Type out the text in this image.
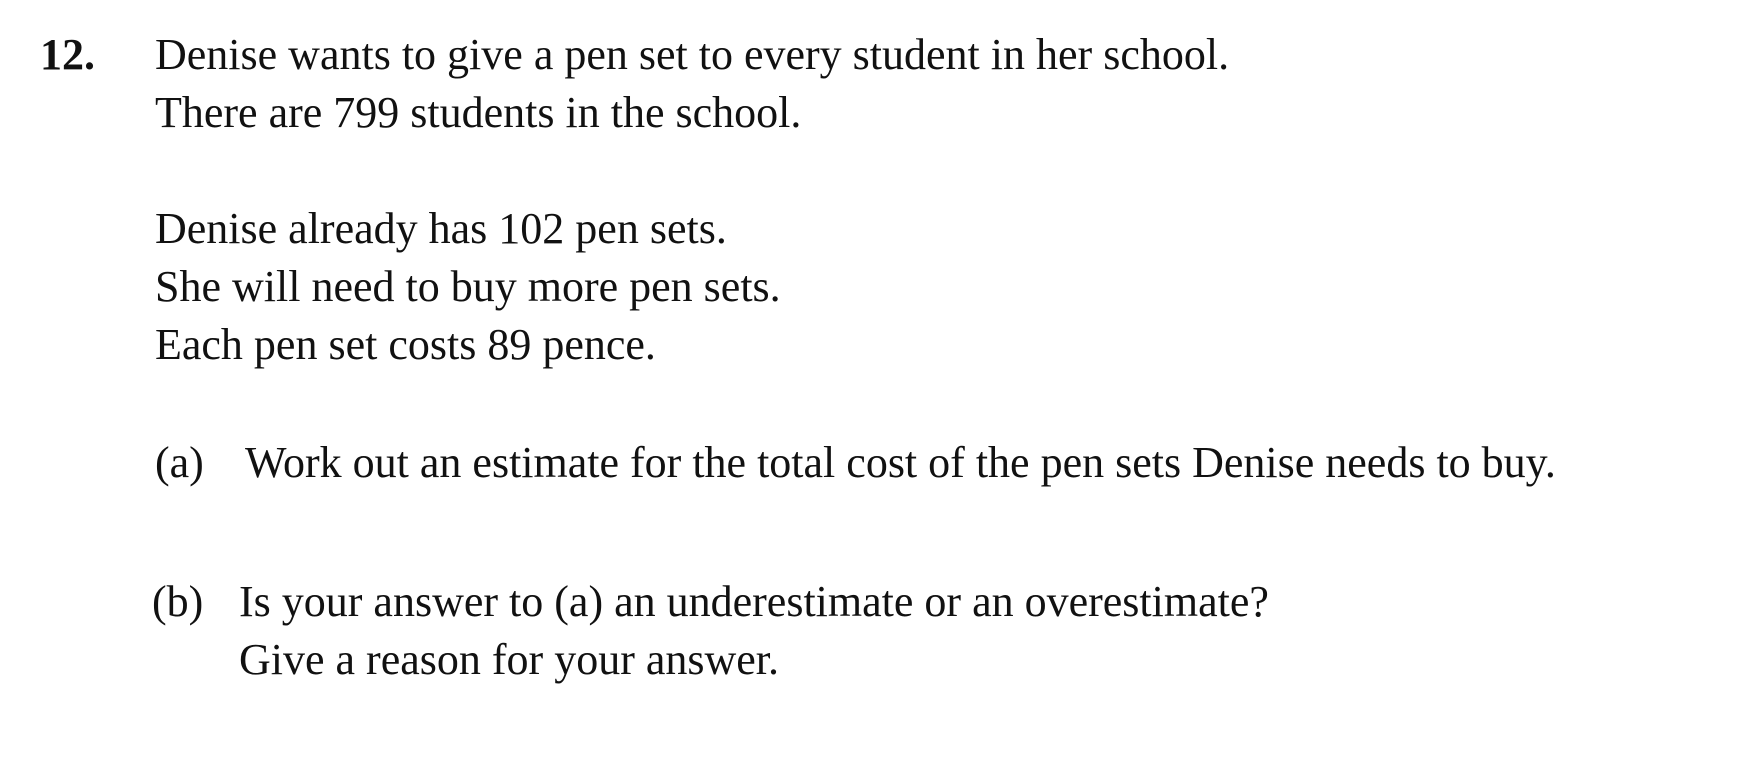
12. Denise wants to give a pen set to every student in her school.
There are 799 students in the school.
Denise already has 102 pen sets.
She will need to buy more pen sets.
Each pen set costs 89 pence.
(a) Work out an estimate for the total cost of the pen sets Denise needs to buy.
(b) Is your answer to (a) an underestimate or an overestimate?
Give a reason for your answer.
